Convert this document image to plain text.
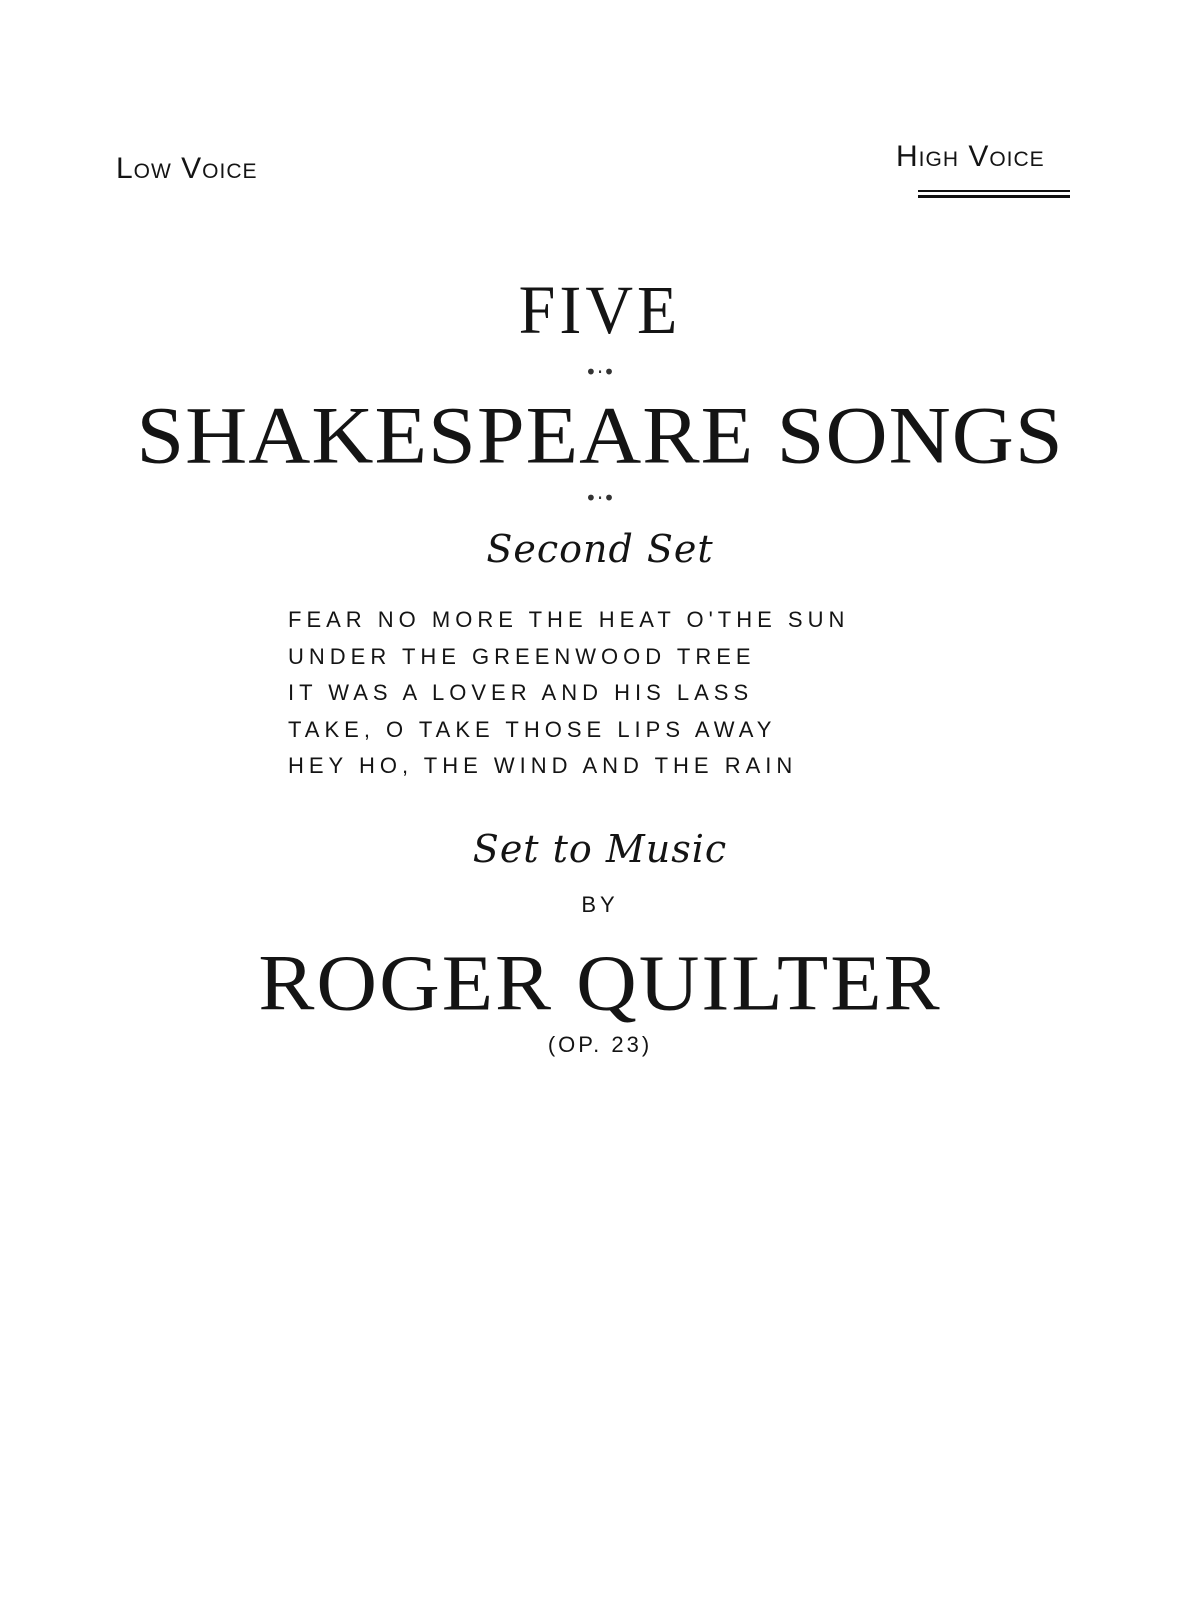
Low Voice	High Voice
FIVE
•·•
SHAKESPEARE SONGS
•·•
Second Set
FEAR NO MORE THE HEAT O'THE SUN
UNDER THE GREENWOOD TREE
IT WAS A LOVER AND HIS LASS
TAKE, O TAKE THOSE LIPS AWAY
HEY HO, THE WIND AND THE RAIN
Set to Music
BY
ROGER QUILTER
(OP. 23)
